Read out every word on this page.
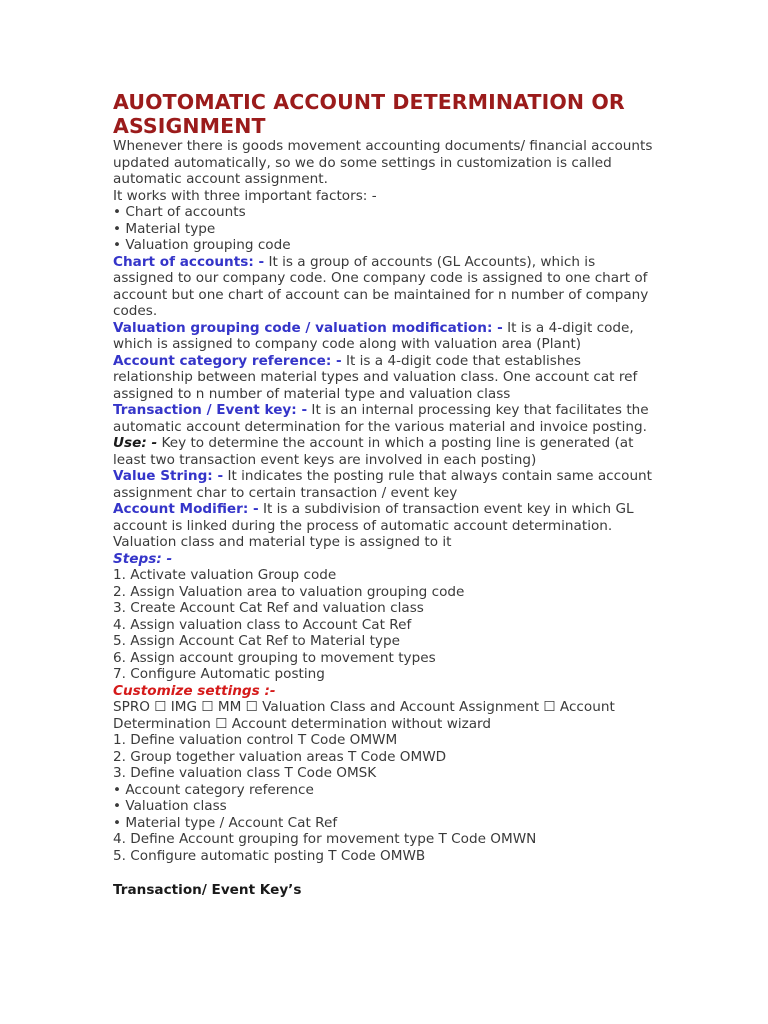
AUOTOMATIC ACCOUNT DETERMINATION OR ASSIGNMENT

Whenever there is goods movement accounting documents/ financial accounts updated automatically, so we do some settings in customization is called automatic account assignment.

It works with three important factors: -

• Chart of accounts

• Material type

• Valuation grouping code

Chart of accounts: - It is a group of accounts (GL Accounts), which is assigned to our company code. One company code is assigned to one chart of account but one chart of account can be maintained for n number of company codes.

Valuation grouping code / valuation modification: - It is a 4-digit code, which is assigned to company code along with valuation area (Plant)

Account category reference: - It is a 4-digit code that establishes relationship between material types and valuation class. One account cat ref assigned to n number of material type and valuation class

Transaction / Event key: - It is an internal processing key that facilitates the automatic account determination for the various material and invoice posting.

Use: - Key to determine the account in which a posting line is generated (at least two transaction event keys are involved in each posting)

Value String: - It indicates the posting rule that always contain same account assignment char to certain transaction / event key

Account Modifier: - It is a subdivision of transaction event key in which GL account is linked during the process of automatic account determination. Valuation class and material type is assigned to it

Steps: -

1. Activate valuation Group code

2. Assign Valuation area to valuation grouping code

3. Create Account Cat Ref and valuation class

4. Assign valuation class to Account Cat Ref

5. Assign Account Cat Ref to Material type

6. Assign account grouping to movement types

7. Configure Automatic posting

Customize settings :-

SPRO ☐ IMG ☐ MM ☐ Valuation Class and Account Assignment ☐ Account Determination ☐ Account determination without wizard

1. Define valuation control T Code OMWM

2. Group together valuation areas T Code OMWD

3. Define valuation class T Code OMSK

• Account category reference

• Valuation class

• Material type / Account Cat Ref

4. Define Account grouping for movement type T Code OMWN

5. Configure automatic posting T Code OMWB

Transaction/ Event Key’s
